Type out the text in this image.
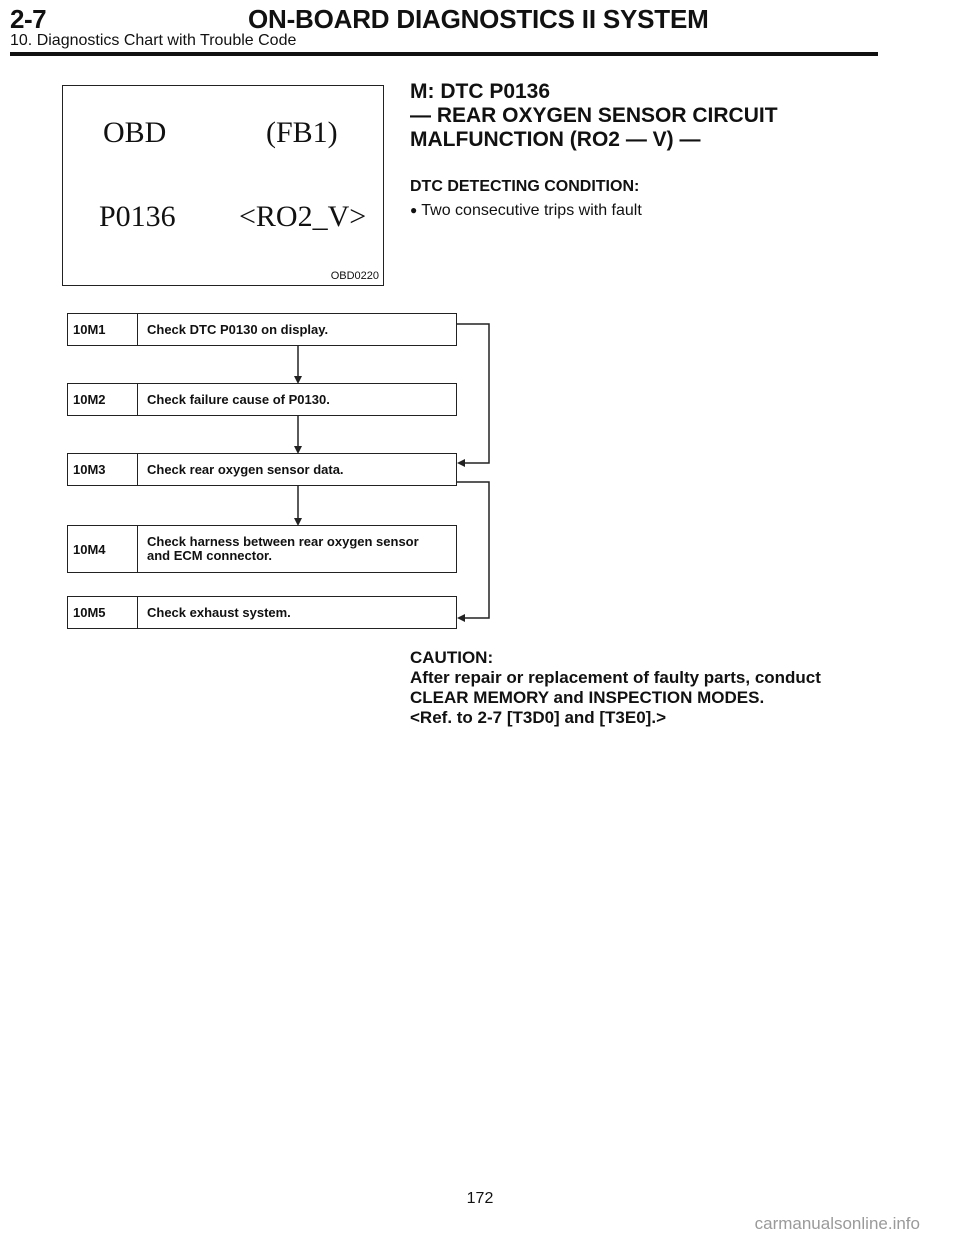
2-7	ON-BOARD DIAGNOSTICS II SYSTEM
10. Diagnostics Chart with Trouble Code
OBD	(FB1)
P0136 <RO2_V>
OBD0220
M: DTC P0136
— REAR OXYGEN SENSOR CIRCUIT
MALFUNCTION (RO2 — V) —
DTC DETECTING CONDITION:
● Two consecutive trips with fault
10M1	Check DTC P0130 on display.
10M2	Check failure cause of P0130.
10M3	Check rear oxygen sensor data.
10M4	Check harness between rear oxygen sensor
and ECM connector.
10M5	Check exhaust system.
CAUTION:
After repair or replacement of faulty parts, conduct
CLEAR MEMORY and INSPECTION MODES.
<Ref. to 2-7 [T3D0] and [T3E0].>
172
carmanualsonline.info
